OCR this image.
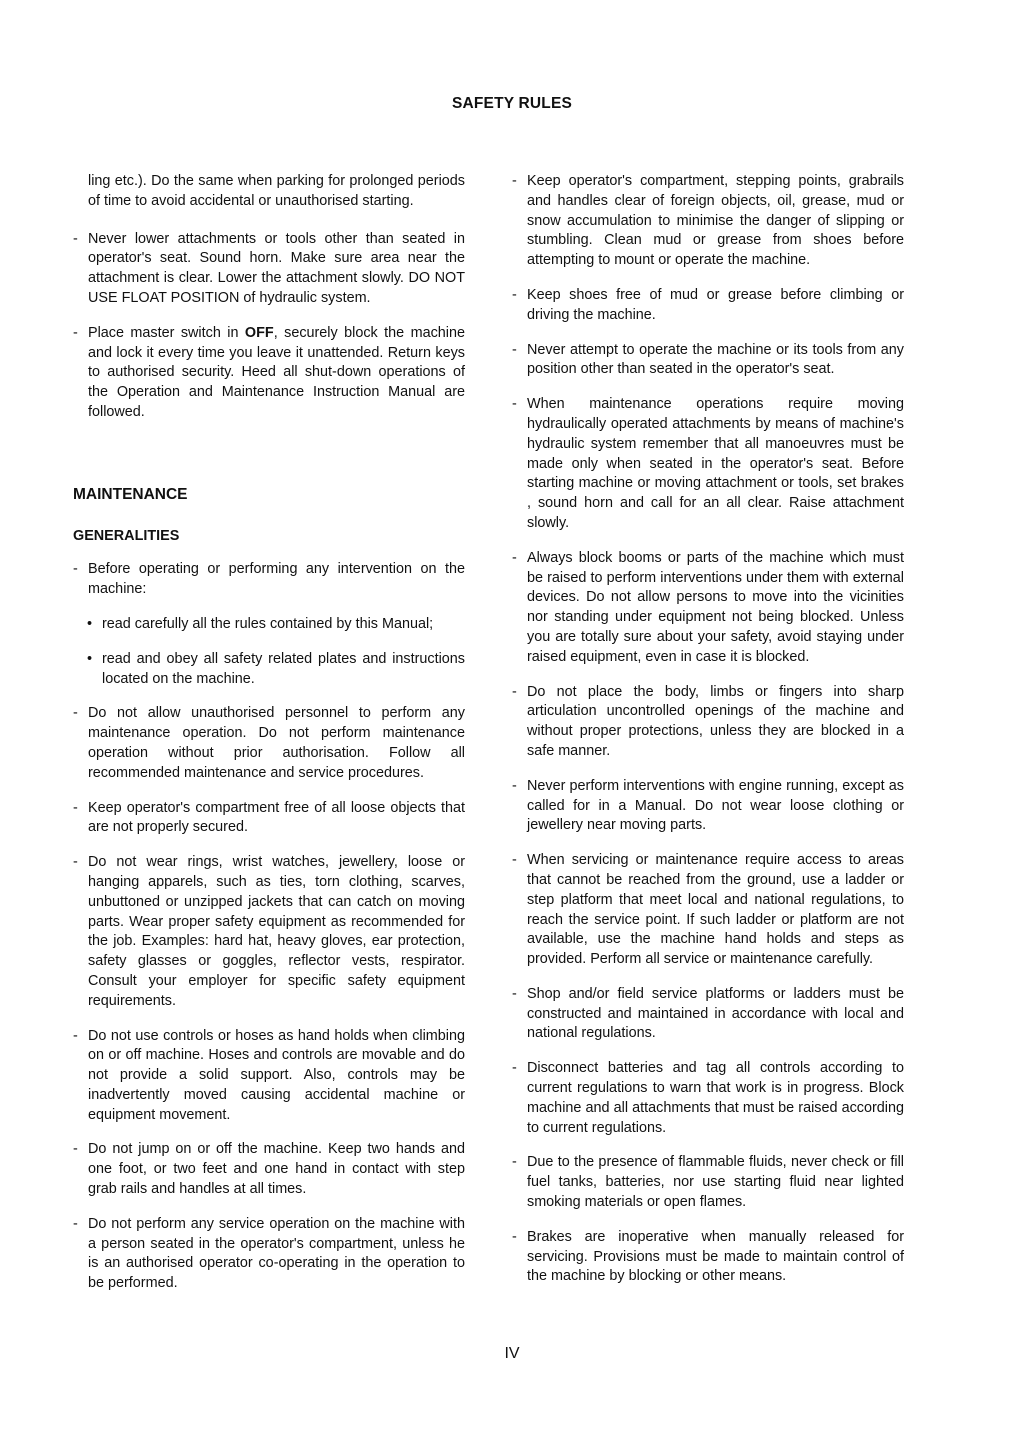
SAFETY RULES

ling etc.). Do the same when parking for prolonged periods of time to avoid accidental or unauthorised starting.

- Never lower attachments or tools other than seated in operator's seat. Sound horn. Make sure area near the attachment is clear. Lower the attachment slowly. DO NOT USE FLOAT POSITION of hydraulic system.
- Place master switch in OFF, securely block the machine and lock it every time you leave it unattended. Return keys to authorised security. Heed all shut-down operations of the Operation and Maintenance Instruction Manual are followed.
MAINTENANCE
GENERALITIES
- Before operating or performing any intervention on the machine:
• read carefully all the rules contained by this Manual;
• read and obey all safety related plates and instructions located on the machine.
- Do not allow unauthorised personnel to perform any maintenance operation. Do not perform maintenance operation without prior authorisation. Follow all recommended maintenance and service procedures.
- Keep operator's compartment free of all loose objects that are not properly secured.
- Do not wear rings, wrist watches, jewellery, loose or hanging apparels, such as ties, torn clothing, scarves, unbuttoned or unzipped jackets that can catch on moving parts. Wear proper safety equipment as recommended for the job. Examples: hard hat, heavy gloves, ear protection, safety glasses or goggles, reflector vests, respirator. Consult your employer for specific safety equipment requirements.
- Do not use controls or hoses as hand holds when climbing on or off machine. Hoses and controls are movable and do not provide a solid support. Also, controls may be inadvertently moved causing accidental machine or equipment movement.
- Do not jump on or off the machine. Keep two hands and one foot, or two feet and one hand in contact with step grab rails and handles at all times.
- Do not perform any service operation on the machine with a person seated in the operator's compartment, unless he is an authorised operator co-operating in the operation to be performed.
- Keep operator's compartment, stepping points, grabrails and handles clear of foreign objects, oil, grease, mud or snow accumulation to minimise the danger of slipping or stumbling. Clean mud or grease from shoes before attempting to mount or operate the machine.
- Keep shoes free of mud or grease before climbing or driving the machine.
- Never attempt to operate the machine or its tools from any position other than seated in the operator's seat.
- When maintenance operations require moving hydraulically operated attachments by means of machine's hydraulic system remember that all manoeuvres must be made only when seated in the operator's seat. Before starting machine or moving attachment or tools, set brakes , sound horn and call for an all clear. Raise attachment slowly.
- Always block booms or parts of the machine which must be raised to perform interventions under them with external devices. Do not allow persons to move into the vicinities nor standing under equipment not being blocked. Unless you are totally sure about your safety, avoid staying under raised equipment, even in case it is blocked.
- Do not place the body, limbs or fingers into sharp articulation uncontrolled openings of the machine and without proper protections, unless they are blocked in a safe manner.
- Never perform interventions with engine running, except as called for in a Manual. Do not wear loose clothing or jewellery near moving parts.
- When servicing or maintenance require access to areas that cannot be reached from the ground, use a ladder or step platform that meet local and national regulations, to reach the service point. If such ladder or platform are not available, use the machine hand holds and steps as provided. Perform all service or maintenance carefully.
- Shop and/or field service platforms or ladders must be constructed and maintained in accordance with local and national regulations.
- Disconnect batteries and tag all controls according to current regulations to warn that work is in progress. Block machine and all attachments that must be raised according to current regulations.
- Due to the presence of flammable fluids, never check or fill fuel tanks, batteries, nor use starting fluid near lighted smoking materials or open flames.
- Brakes are inoperative when manually released for servicing. Provisions must be made to maintain control of the machine by blocking or other means.
IV
